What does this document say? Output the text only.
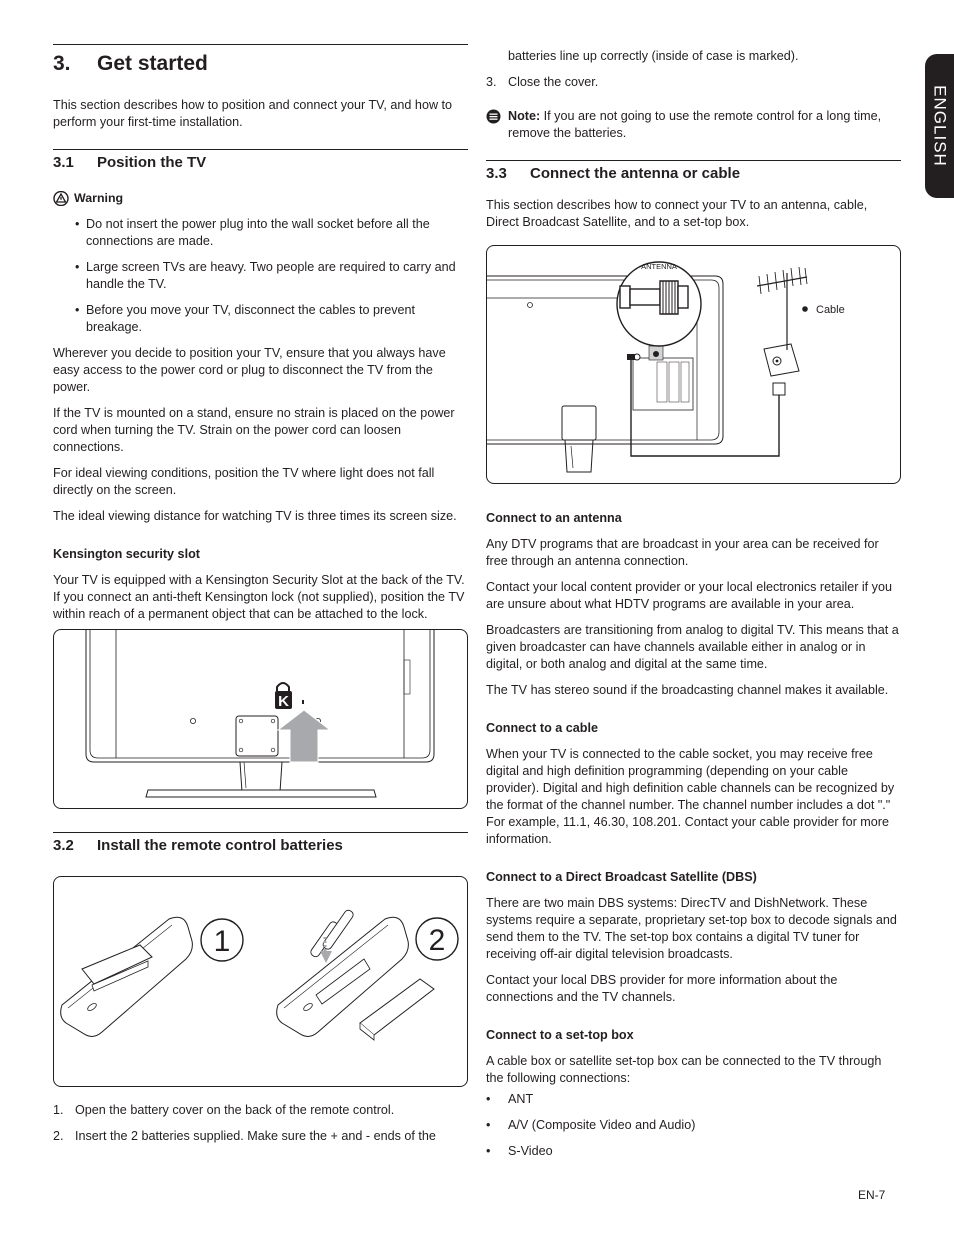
ENGLISH
3. Get started

This section describes how to position and connect your TV, and how to perform your first-time installation.

3.1 Position the TV
Warning

• Do not insert the power plug into the wall socket before all the connections are made.

• Large screen TVs are heavy. Two people are required to carry and handle the TV.

• Before you move your TV, disconnect the cables to prevent breakage.

Wherever you decide to position your TV, ensure that you always have easy access to the power cord or plug to disconnect the TV from the power.

If the TV is mounted on a stand, ensure no strain is placed on the power cord when turning the TV. Strain on the power cord can loosen connections.

For ideal viewing conditions, position the TV where light does not fall directly on the screen.

The ideal viewing distance for watching TV is three times its screen size.

Kensington security slot

Your TV is equipped with a Kensington Security Slot at the back of the TV.

If you connect an anti-theft Kensington lock (not supplied), position the TV within reach of a permanent object that can be attached to the lock.

K
3.2 Install the remote control batteries
1	2
1. Open the battery cover on the back of the remote control.
2. Insert the 2 batteries supplied. Make sure the + and - ends of the
batteries line up correctly (inside of case is marked).
3. Close the cover.

Note: If you are not going to use the remote control for a long time, remove the batteries.

3.3 Connect the antenna or cable

This section describes how to connect your TV to an antenna, cable, Direct Broadcast Satellite, and to a set-top box.

ANTENNA
Cable
Connect to an antenna

Any DTV programs that are broadcast in your area can be received for free through an antenna connection.

Contact your local content provider or your local electronics retailer if you are unsure about what HDTV programs are available in your area.

Broadcasters are transitioning from analog to digital TV. This means that a given broadcaster can have channels available either in analog or in digital, or both analog and digital at the same time.

The TV has stereo sound if the broadcasting channel makes it available.

Connect to a cable

When your TV is connected to the cable socket, you may receive free digital and high definition programming (depending on your cable provider). Digital and high definition cable channels can be recognized by the format of the channel number. The channel number includes a dot "." For example, 11.1, 46.30, 108.201. Contact your cable provider for more information.

Connect to a Direct Broadcast Satellite (DBS)

There are two main DBS systems: DirecTV and DishNetwork. These systems require a separate, proprietary set-top box to decode signals and send them to the TV. The set-top box contains a digital TV tuner for receiving off-air digital television broadcasts.

Contact your local DBS provider for more information about the connections and the TV channels.

Connect to a set-top box

A cable box or satellite set-top box can be connected to the TV through the following connections:

• ANT

• A/V (Composite Video and Audio)

• S-Video

EN-7
